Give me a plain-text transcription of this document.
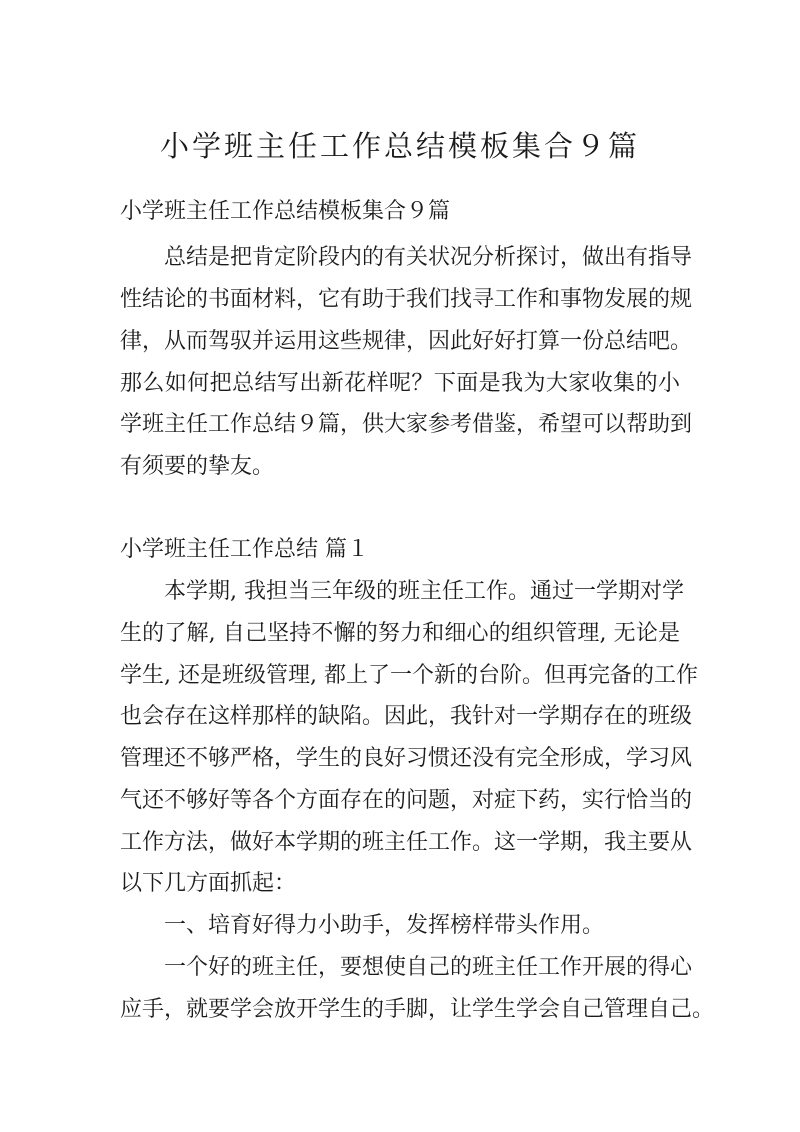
小学班主任工作总结模板集合９篇

小学班主任工作总结模板集合９篇

总结是把肯定阶段内的有关状况分析探讨，做出有指导

性结论的书面材料，它有助于我们找寻工作和事物发展的规

律，从而驾驭并运用这些规律，因此好好打算一份总结吧。

那么如何把总结写出新花样呢？下面是我为大家收集的小

学班主任工作总结９篇，供大家参考借鉴，希望可以帮助到

有须要的挚友。

小学班主任工作总结 篇１

本学期, 我担当三年级的班主任工作。通过一学期对学

生的了解, 自己坚持不懈的努力和细心的组织管理, 无论是

学生, 还是班级管理, 都上了一个新的台阶。但再完备的工作

也会存在这样那样的缺陷。因此，我针对一学期存在的班级

管理还不够严格，学生的良好习惯还没有完全形成，学习风

气还不够好等各个方面存在的问题，对症下药，实行恰当的

工作方法，做好本学期的班主任工作。这一学期，我主要从

以下几方面抓起：

一、培育好得力小助手，发挥榜样带头作用。

一个好的班主任，要想使自己的班主任工作开展的得心

应手，就要学会放开学生的手脚，让学生学会自己管理自己。
